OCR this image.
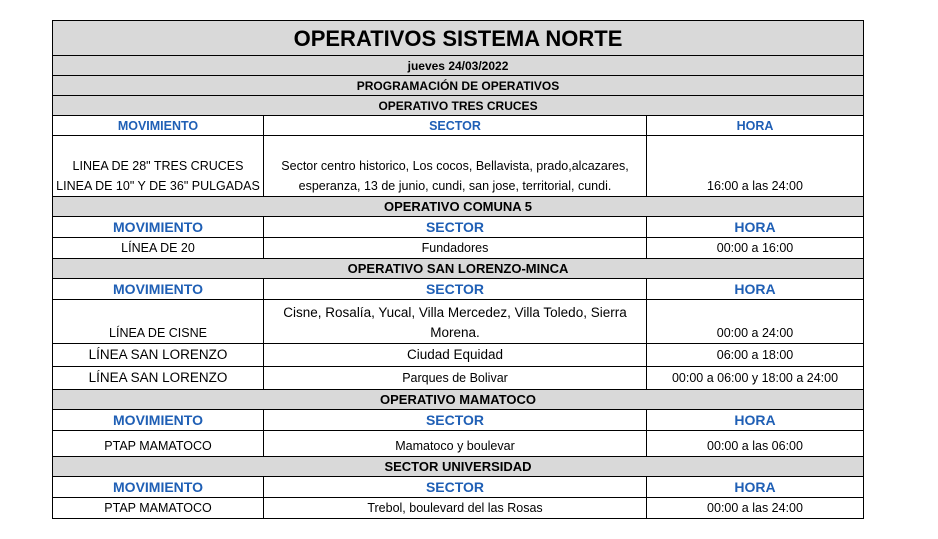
OPERATIVOS SISTEMA NORTE		
jueves 24/03/2022		
PROGRAMACIÓN DE OPERATIVOS		
OPERATIVO TRES CRUCES		
MOVIMIENTO	SECTOR	HORA
LINEA DE 28" TRES CRUCES LINEA DE 10" Y DE 36" PULGADAS	Sector centro historico, Los cocos, Bellavista, prado,alcazares, esperanza, 13 de junio, cundi, san jose, territorial, cundi.	16:00 a las 24:00
OPERATIVO COMUNA 5		
MOVIMIENTO	SECTOR	HORA
LÍNEA DE 20	Fundadores	00:00 a 16:00
OPERATIVO SAN LORENZO-MINCA		
MOVIMIENTO	SECTOR	HORA
LÍNEA DE CISNE	Cisne, Rosalía, Yucal, Villa Mercedez, Villa Toledo, Sierra Morena.	00:00 a 24:00
LÍNEA SAN LORENZO	Ciudad Equidad	06:00 a 18:00
LÍNEA SAN LORENZO	Parques de Bolivar	00:00 a 06:00 y 18:00 a 24:00
OPERATIVO MAMATOCO		
MOVIMIENTO	SECTOR	HORA
PTAP MAMATOCO	Mamatoco y boulevar	00:00 a las 06:00
SECTOR UNIVERSIDAD		
MOVIMIENTO	SECTOR	HORA
PTAP MAMATOCO	Trebol, boulevard del las Rosas	00:00 a las 24:00
